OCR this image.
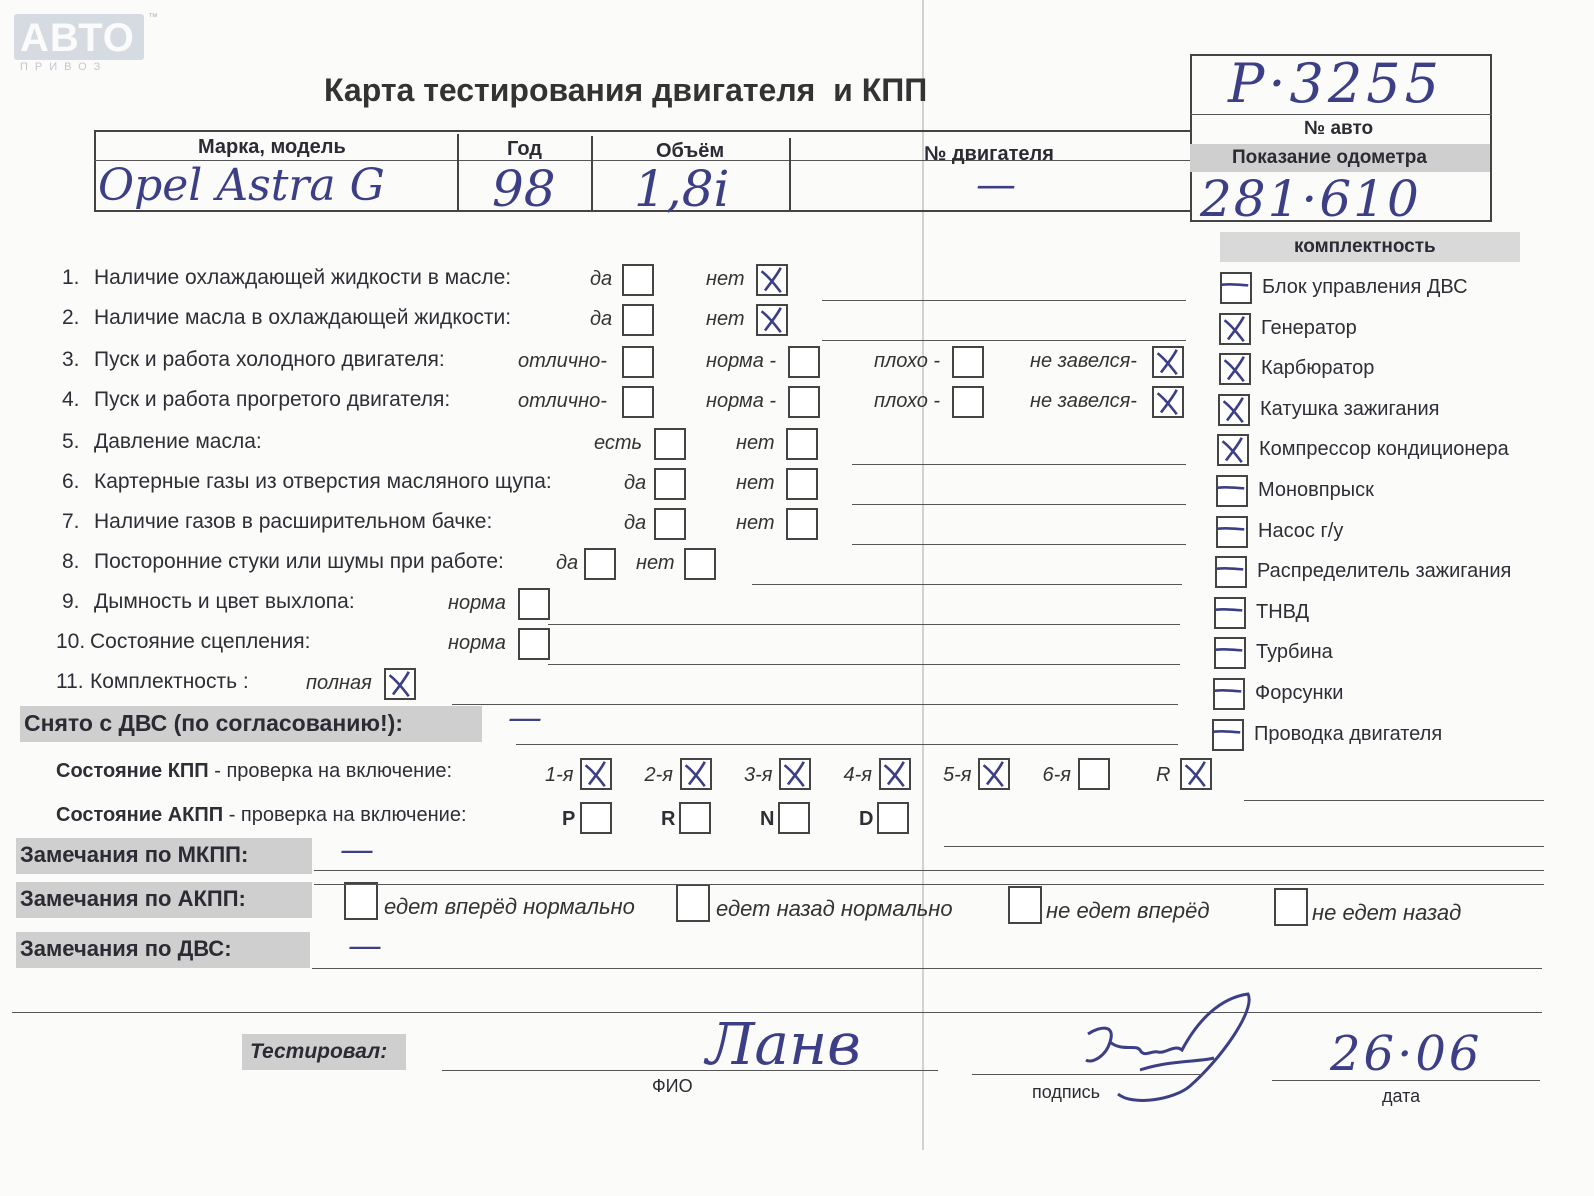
АВТО ™
ПРИВОЗ
Карта тестирования двигателя  и КПП	P·3255
№ авто
Показание одометра
281·610
Марка, модель	Год	Объём	№ двигателя
Opel Astra G 98 1,8i	—
комплектность
1. Наличие охлаждающей жидкости в масле:	да	нет
2. Наличие масла в охлаждающей жидкости:	да	нет
3. Пуск и работа холодного двигателя:	отлично-	норма -	плохо -	не завелся-
4. Пуск и работа прогретого двигателя:	отлично-	норма -	плохо -	не завелся-
5. Давление масла:	есть	нет
6. Картерные газы из отверстия масляного щупа:	да	нет
7. Наличие газов в расширительном бачке:	да	нет
8. Посторонние стуки или шумы при работе:	да	нет
9. Дымность и цвет выхлопа:	норма
10. Состояние сцепления:	норма
11. Комплектность :	полная
Блок управления ДВС
Генератор
Карбюратор
Катушка зажигания
Компрессор кондиционера
Моновпрыск
Насос г/у
Распределитель зажигания
ТНВД
Турбина
Форсунки
Проводка двигателя
Снято с ДВС (по согласованию!):	—
Состояние КПП - проверка на включение:	1-я	2-я	3-я	4-я	5-я	6-я	R
P	R	N	D
Состояние АКПП - проверка на включение:
Замечания по МКПП:	—
Замечания по АКПП:	едет вперёд нормально	едет назад нормально	не едет вперёд	не едет назад
Замечания по ДВС:	—
Тестировал:	Ланв
ФИО	подпись
26·06
дата
